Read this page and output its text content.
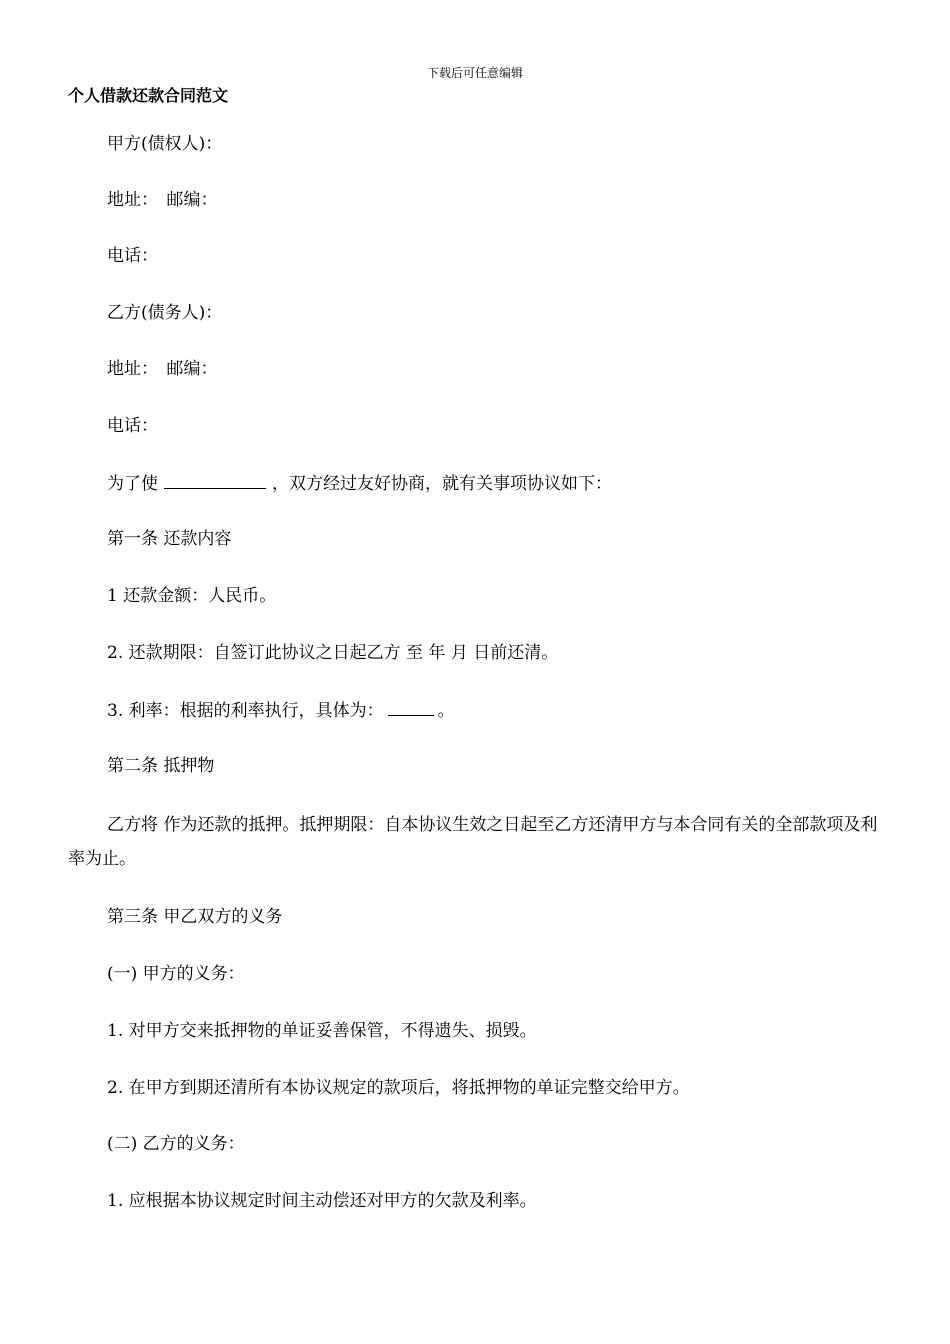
下载后可任意编辑
个人借款还款合同范文
甲方(债权人)：
地址：　邮编：
电话：
乙方(债务人)：
地址：　邮编：
电话：
为了使	，双方经过友好协商，就有关事项协议如下：
第一条 还款内容
1 还款金额：人民币。
2. 还款期限：自签订此协议之日起乙方 至 年 月 日前还清。
3. 利率：根据的利率执行，具体为：	。
第二条 抵押物
乙方将 作为还款的抵押。抵押期限：自本协议生效之日起至乙方还清甲方与本合同有关的全部款项及利率为止。
第三条 甲乙双方的义务
(一) 甲方的义务：
1. 对甲方交来抵押物的单证妥善保管，不得遗失、损毁。
2. 在甲方到期还清所有本协议规定的款项后，将抵押物的单证完整交给甲方。
(二) 乙方的义务：
1. 应根据本协议规定时间主动偿还对甲方的欠款及利率。
